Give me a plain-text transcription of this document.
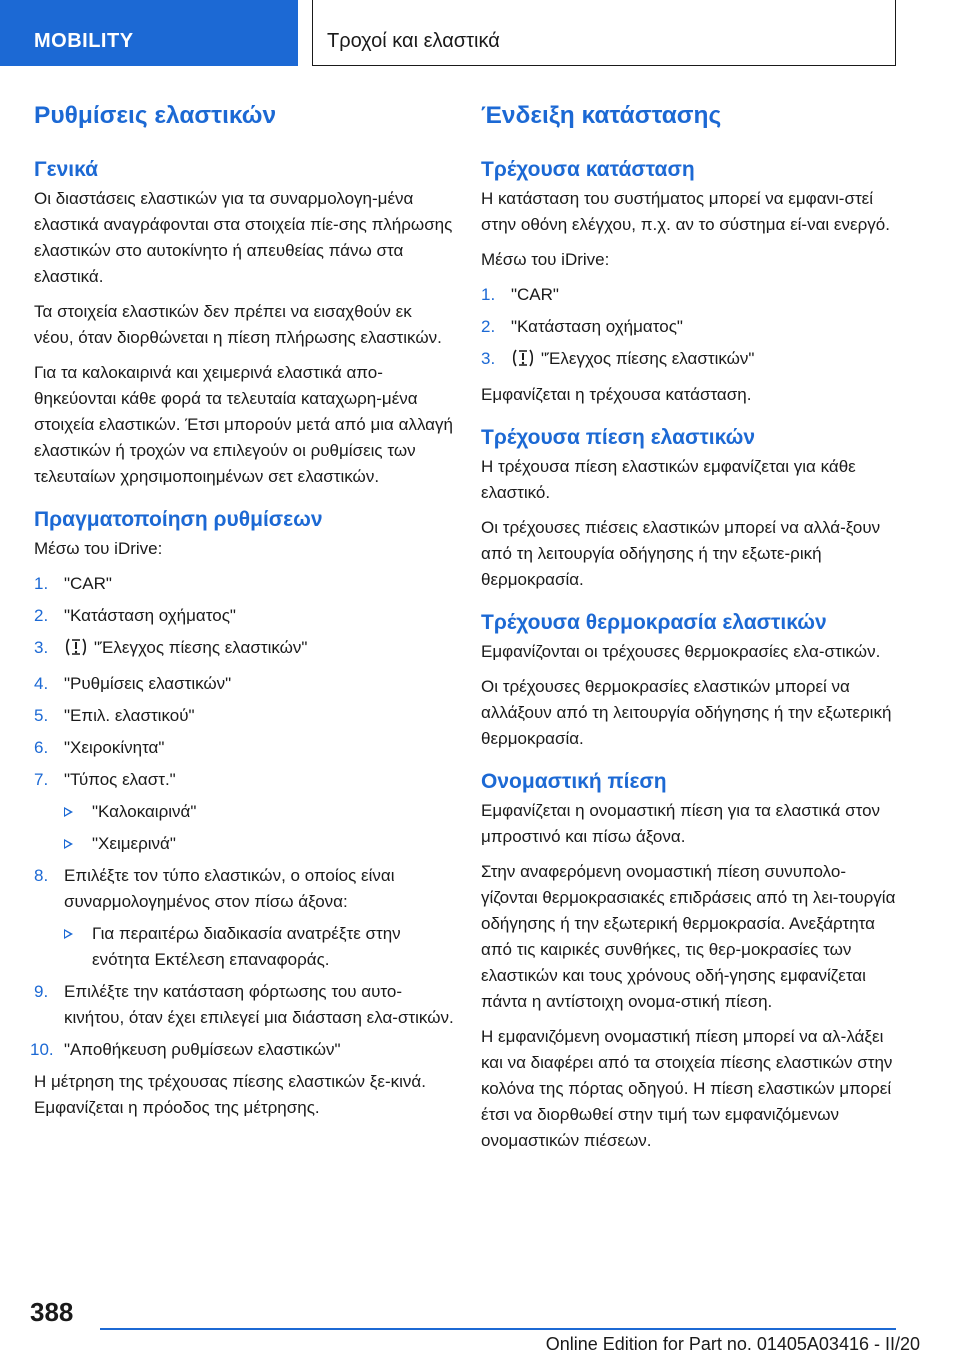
MOBILITY	Τροχοί και ελαστικά
Ρυθμίσεις ελαστικών
Γενικά

Οι διαστάσεις ελαστικών για τα συναρμολογη-μένα ελαστικά αναγράφονται στα στοιχεία πίε-σης πλήρωσης ελαστικών στο αυτοκίνητο ή απευθείας πάνω στα ελαστικά.

Τα στοιχεία ελαστικών δεν πρέπει να εισαχθούν εκ νέου, όταν διορθώνεται η πίεση πλήρωσης ελαστικών.

Για τα καλοκαιρινά και χειμερινά ελαστικά απο-θηκεύονται κάθε φορά τα τελευταία καταχωρη-μένα στοιχεία ελαστικών. Έτσι μπορούν μετά από μια αλλαγή ελαστικών ή τροχών να επιλεγούν οι ρυθμίσεις των τελευταίων χρησιμοποιημένων σετ ελαστικών.

Πραγματοποίηση ρυθμίσεων

Μέσω του iDrive:

1. "CAR"
2. "Κατάσταση οχήματος"
3.	"Έλεγχος πίεσης ελαστικών"
4. "Ρυθμίσεις ελαστικών"
5. "Επιλ. ελαστικού"
6. "Χειροκίνητα"
7. "Τύπος ελαστ."
"Καλοκαιρινά"
"Χειμερινά"
8. Επιλέξτε τον τύπο ελαστικών, ο οποίος είναι συναρμολογημένος στον πίσω άξονα:
Για περαιτέρω διαδικασία ανατρέξτε στην ενότητα Εκτέλεση επαναφοράς.
9. Επιλέξτε την κατάσταση φόρτωσης του αυτο-κινήτου, όταν έχει επιλεγεί μια διάσταση ελα-στικών.
10. "Αποθήκευση ρυθμίσεων ελαστικών"

Η μέτρηση της τρέχουσας πίεσης ελαστικών ξε-κινά. Εμφανίζεται η πρόοδος της μέτρησης.

Ένδειξη κατάστασης
Τρέχουσα κατάσταση

Η κατάσταση του συστήματος μπορεί να εμφανι-στεί στην οθόνη ελέγχου, π.χ. αν το σύστημα εί-ναι ενεργό.

Μέσω του iDrive:

1. "CAR"
2. "Κατάσταση οχήματος"
3.	"Έλεγχος πίεσης ελαστικών"

Εμφανίζεται η τρέχουσα κατάσταση.

Τρέχουσα πίεση ελαστικών

Η τρέχουσα πίεση ελαστικών εμφανίζεται για κάθε ελαστικό.

Οι τρέχουσες πιέσεις ελαστικών μπορεί να αλλά-ξουν από τη λειτουργία οδήγησης ή την εξωτε-ρική θερμοκρασία.

Τρέχουσα θερμοκρασία ελαστικών

Εμφανίζονται οι τρέχουσες θερμοκρασίες ελα-στικών.

Οι τρέχουσες θερμοκρασίες ελαστικών μπορεί να αλλάξουν από τη λειτουργία οδήγησης ή την εξωτερική θερμοκρασία.

Ονομαστική πίεση

Εμφανίζεται η ονομαστική πίεση για τα ελαστικά στον μπροστινό και πίσω άξονα.

Στην αναφερόμενη ονομαστική πίεση συνυπολο-γίζονται θερμοκρασιακές επιδράσεις από τη λει-τουργία οδήγησης ή την εξωτερική θερμοκρασία. Ανεξάρτητα από τις καιρικές συνθήκες, τις θερ-μοκρασίες των ελαστικών και τους χρόνους οδή-γησης εμφανίζεται πάντα η αντίστοιχη ονομα-στική πίεση.

Η εμφανιζόμενη ονομαστική πίεση μπορεί να αλ-λάξει και να διαφέρει από τα στοιχεία πίεσης ελαστικών στην κολόνα της πόρτας οδηγού. Η πίεση ελαστικών μπορεί έτσι να διορθωθεί στην τιμή των εμφανιζόμενων ονομαστικών πιέσεων.

388
Online Edition for Part no. 01405A03416 - II/20
